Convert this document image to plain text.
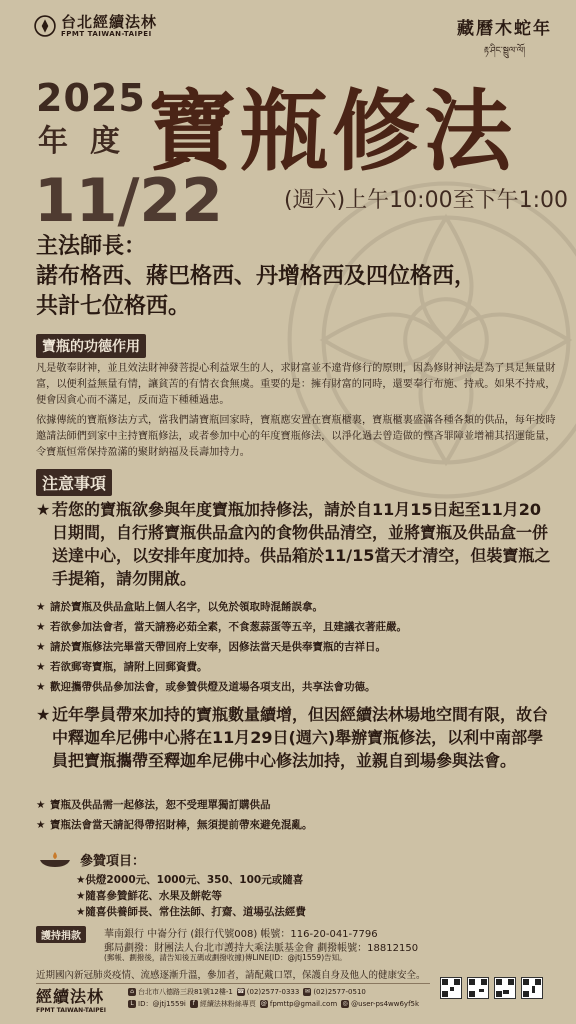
台北經續法林
FPMT TAIWAN-TAIPEI	藏曆木蛇年
རྟ་ཤིང་སྦྲུལ་ལོ།
2025
年度 寶瓶修法
11/22	(週六)上午10:00至下午1:00
主法師長：
諾布格西、蔣巴格西、丹增格西及四位格西，
共計七位格西。
寶瓶的功德作用
凡是敬奉財神，並且效法財神發菩提心利益眾生的人，求財富並不違背修行的原則，因為修財神法是為了具足無量財富，以便利益無量有情，讓貧苦的有情衣食無虞。重要的是：擁有財富的同時，還要奉行布施、持戒。如果不持戒，便會因貪心而不滿足，反而造下種種過患。
依據傳統的寶瓶修法方式，當我們請寶瓶回家時，寶瓶應安置在寶瓶櫃裏，寶瓶櫃裏盛滿各種各類的供品，每年按時邀請法師們到家中主持寶瓶修法，或者參加中心的年度寶瓶修法，以淨化過去曾造做的慳吝罪障並增補其招運能量，令寶瓶恒常保持盈滿的聚財納福及長壽加持力。
注意事項
★ 若您的寶瓶欲參與年度寶瓶加持修法，請於自11月15日起至11月20日期間，自行將寶瓶供品盒內的食物供品清空，並將寶瓶及供品盒一併送達中心，以安排年度加持。供品箱於11/15當天才清空，但裝寶瓶之手提箱，請勿開啟。
★ 請於寶瓶及供品盒貼上個人名字，以免於領取時混餚誤拿。
★ 若欲參加法會者，當天請務必茹全素，不食葱蒜蛋等五辛，且建議衣著莊嚴。
★ 請於寶瓶修法完畢當天帶回府上安奉，因修法當天是供奉寶瓶的吉祥日。
★ 若欲郵寄寶瓶，請附上回郵資費。
★ 歡迎攜帶供品參加法會，或參贊供燈及道場各項支出，共享法會功德。
★ 近年學員帶來加持的寶瓶數量續增，但因經續法林場地空間有限，故台中釋迦牟尼佛中心將在11月29日(週六)舉辦寶瓶修法，以利中南部學員把寶瓶攜帶至釋迦牟尼佛中心修法加持，並親自到場參與法會。
★ 寶瓶及供品需一起修法，恕不受理單獨訂購供品
★ 寶瓶法會當天請記得帶招財棒，無須提前帶來避免混亂。
參贊項目：
★供燈2000元、1000元、350、100元或隨喜
★隨喜參贊鮮花、水果及餅乾等
★隨喜供養師長、常住法師、打齋、道場弘法經費
護持捐款	華南銀行 中崙分行 (銀行代號008) 帳號：116-20-041-7796
郵局劃撥：財團法人台北市護持大乘法脈基金會 劃撥帳號：18812150
(郵帳、劃撥後，請告知後五碼或劃撥收據)傳LINE(ID：@jtj1559)告知。
近期國內新冠肺炎疫情、流感逐漸升溫，參加者，請配戴口罩，保護自身及他人的健康安全。
經續法林
FPMT TAIWAN-TAIPEI
⌂ 台北市八德路三段81號12樓-1 ☎ (02)2577-0333 ✉ (02)2577-0510
L ID：@jtj1559i	f 經續法林粉絲專頁 @ fpmttp@gmail.com ◎ @user-ps4ww6yf5k
